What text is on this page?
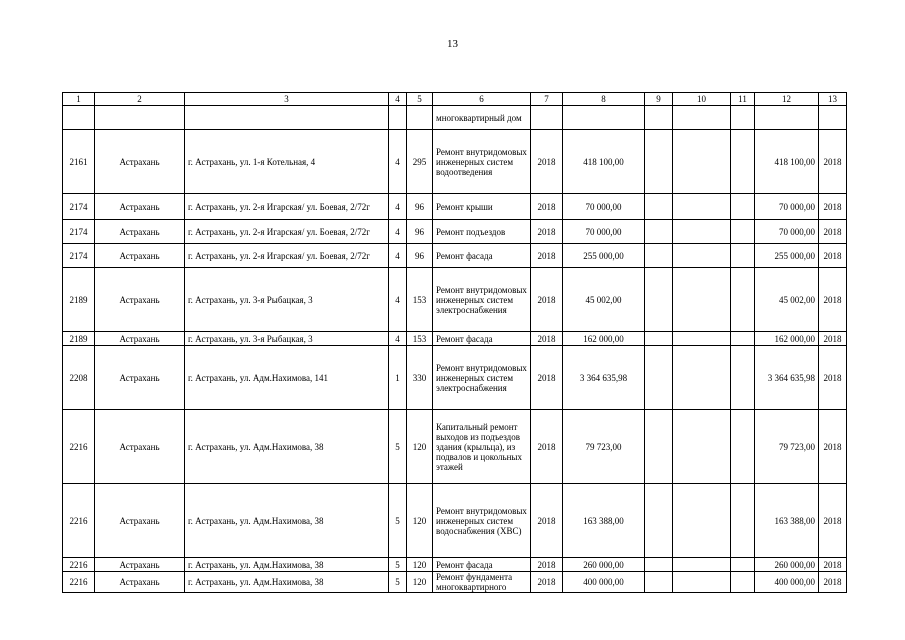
13
1	2	3	4	5	6	7	8	9	10	11	12	13
					многоквартирный дом							
2161	Астрахань	г. Астрахань, ул. 1-я Котельная, 4	4	295	Ремонт внутридомовых инженерных систем водоотведения	2018	418 100,00				418 100,00	2018
2174	Астрахань	г. Астрахань, ул. 2-я Игарская/ ул. Боевая, 2/72г	4	96	Ремонт крыши	2018	70 000,00				70 000,00	2018
2174	Астрахань	г. Астрахань, ул. 2-я Игарская/ ул. Боевая, 2/72г	4	96	Ремонт подъездов	2018	70 000,00				70 000,00	2018
2174	Астрахань	г. Астрахань, ул. 2-я Игарская/ ул. Боевая, 2/72г	4	96	Ремонт фасада	2018	255 000,00				255 000,00	2018
2189	Астрахань	г. Астрахань, ул. 3-я Рыбацкая, 3	4	153	Ремонт внутридомовых инженерных систем электроснабжения	2018	45 002,00				45 002,00	2018
2189	Астрахань	г. Астрахань, ул. 3-я Рыбацкая, 3	4	153	Ремонт фасада	2018	162 000,00				162 000,00	2018
2208	Астрахань	г. Астрахань, ул. Адм.Нахимова, 141	1	330	Ремонт внутридомовых инженерных систем электроснабжения	2018	3 364 635,98				3 364 635,98	2018
2216	Астрахань	г. Астрахань, ул. Адм.Нахимова, 38	5	120	Капитальный ремонт выходов из подъездов здания (крыльца), из подвалов и цокольных этажей	2018	79 723,00				79 723,00	2018
2216	Астрахань	г. Астрахань, ул. Адм.Нахимова, 38	5	120	Ремонт внутридомовых инженерных систем водоснабжения (ХВС)	2018	163 388,00				163 388,00	2018
2216	Астрахань	г. Астрахань, ул. Адм.Нахимова, 38	5	120	Ремонт фасада	2018	260 000,00				260 000,00	2018
2216	Астрахань	г. Астрахань, ул. Адм.Нахимова, 38	5	120	Ремонт фундамента многоквартирного	2018	400 000,00				400 000,00	2018
